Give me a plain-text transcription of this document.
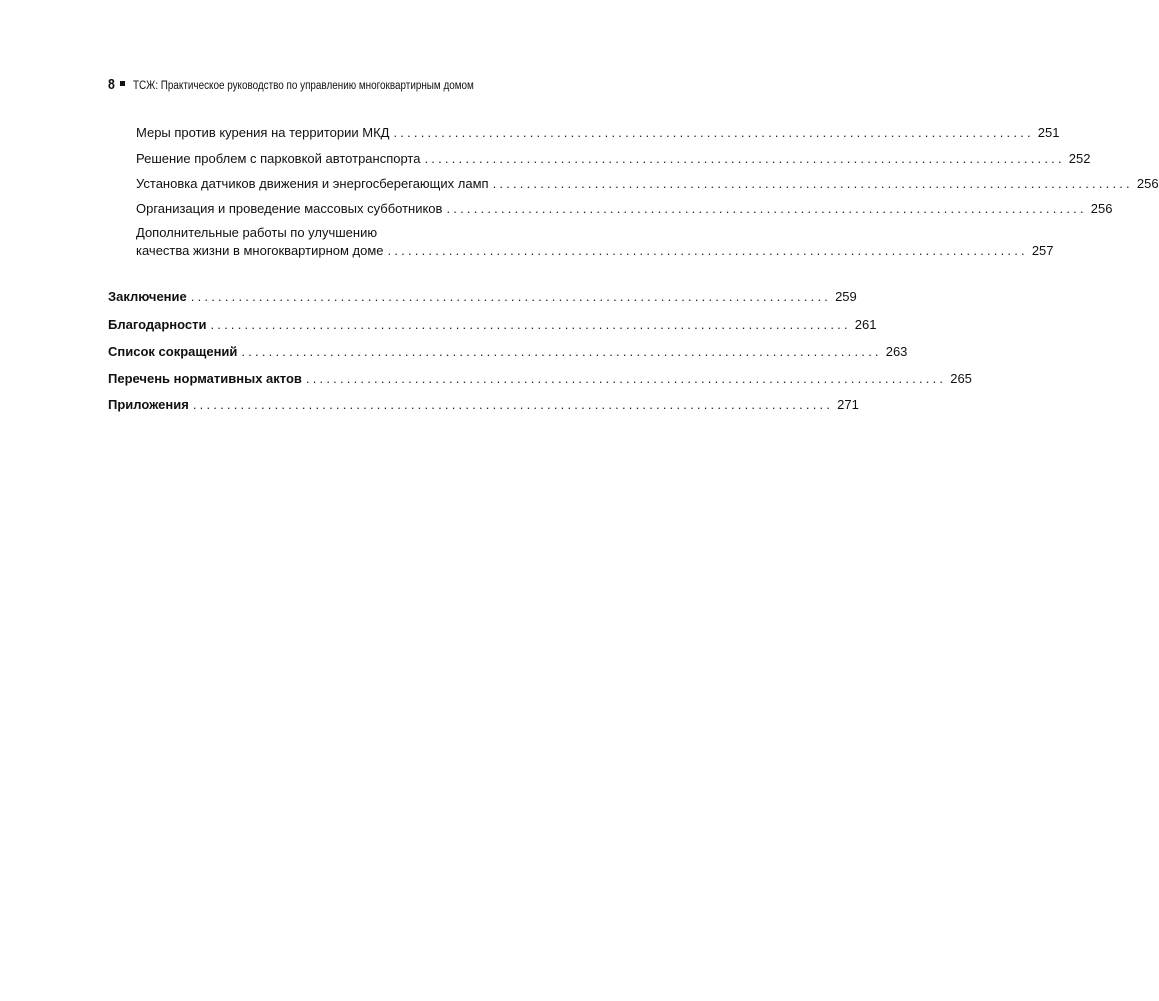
8 ТСЖ: Практическое руководство по управлению многоквартирным домом
Меры против курения на территории МКД .............................................................................................. 251
Решение проблем с парковкой автотранспорта .............................................................................................. 252
Установка датчиков движения и энергосберегающих ламп .............................................................................................. 256
Организация и проведение массовых субботников .............................................................................................. 256
Дополнительные работы по улучшению
качества жизни в многоквартирном доме .............................................................................................. 257
Заключение .............................................................................................. 259
Благодарности .............................................................................................. 261
Список сокращений .............................................................................................. 263
Перечень нормативных актов .............................................................................................. 265
Приложения .............................................................................................. 271
